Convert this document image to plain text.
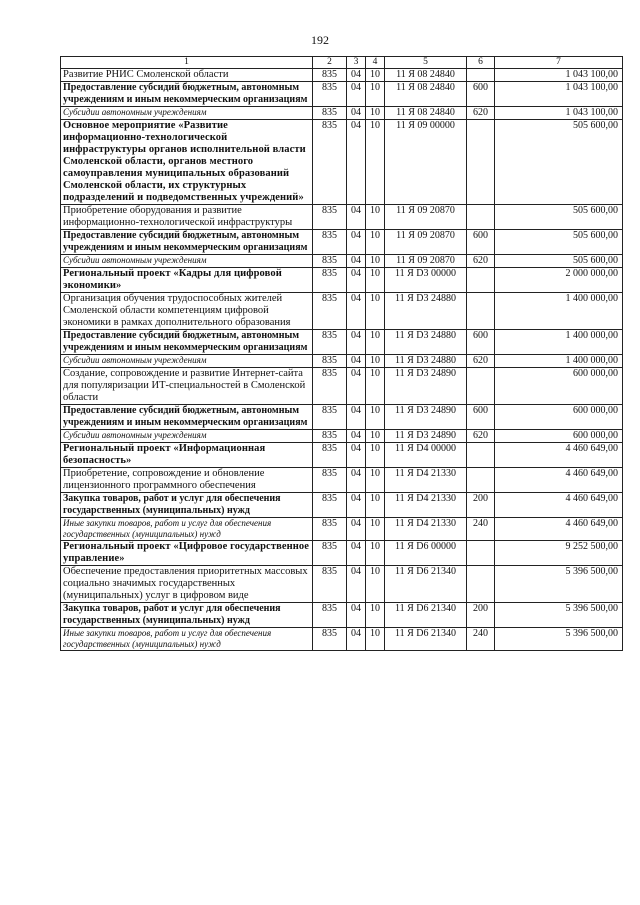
192
1	2	3	4	5	6	7
Развитие РНИС Смоленской области	835	04	10	11 Я 08 24840		1 043 100,00
Предоставление субсидий бюджетным, автономным учреждениям и иным некоммерческим организациям	835	04	10	11 Я 08 24840	600	1 043 100,00
Субсидии автономным учреждениям	835	04	10	11 Я 08 24840	620	1 043 100,00
Основное мероприятие «Развитие информационно-технологической инфраструктуры органов исполнительной власти Смоленской области, органов местного самоуправления муниципальных образований Смоленской области, их структурных подразделений и подведомственных учреждений»	835	04	10	11 Я 09 00000		505 600,00
Приобретение оборудования и развитие информационно-технологической инфраструктуры	835	04	10	11 Я 09 20870		505 600,00
Предоставление субсидий бюджетным, автономным учреждениям и иным некоммерческим организациям	835	04	10	11 Я 09 20870	600	505 600,00
Субсидии автономным учреждениям	835	04	10	11 Я 09 20870	620	505 600,00
Региональный проект «Кадры для цифровой экономики»	835	04	10	11 Я D3 00000		2 000 000,00
Организация обучения трудоспособных жителей Смоленской области компетенциям цифровой экономики в рамках дополнительного образования	835	04	10	11 Я D3 24880		1 400 000,00
Предоставление субсидий бюджетным, автономным учреждениям и иным некоммерческим организациям	835	04	10	11 Я D3 24880	600	1 400 000,00
Субсидии автономным учреждениям	835	04	10	11 Я D3 24880	620	1 400 000,00
Создание, сопровождение и развитие Интернет-сайта для популяризации ИТ-специальностей в Смоленской области	835	04	10	11 Я D3 24890		600 000,00
Предоставление субсидий бюджетным, автономным учреждениям и иным некоммерческим организациям	835	04	10	11 Я D3 24890	600	600 000,00
Субсидии автономным учреждениям	835	04	10	11 Я D3 24890	620	600 000,00
Региональный проект «Информационная безопасность»	835	04	10	11 Я D4 00000		4 460 649,00
Приобретение, сопровождение и обновление лицензионного программного обеспечения	835	04	10	11 Я D4 21330		4 460 649,00
Закупка товаров, работ и услуг для обеспечения государственных (муниципальных) нужд	835	04	10	11 Я D4 21330	200	4 460 649,00
Иные закупки товаров, работ и услуг для обеспечения государственных (муниципальных) нужд	835	04	10	11 Я D4 21330	240	4 460 649,00
Региональный проект «Цифровое государственное управление»	835	04	10	11 Я D6 00000		9 252 500,00
Обеспечение предоставления приоритетных массовых социально значимых государственных (муниципальных) услуг в цифровом виде	835	04	10	11 Я D6 21340		5 396 500,00
Закупка товаров, работ и услуг для обеспечения государственных (муниципальных) нужд	835	04	10	11 Я D6 21340	200	5 396 500,00
Иные закупки товаров, работ и услуг для обеспечения государственных (муниципальных) нужд	835	04	10	11 Я D6 21340	240	5 396 500,00
